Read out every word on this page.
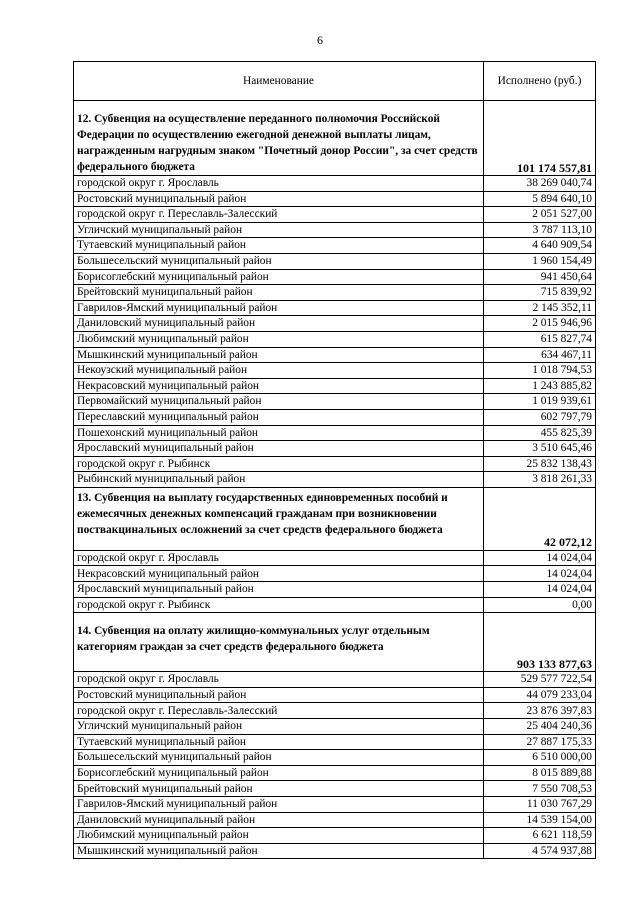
6
Наименование	Исполнено (руб.)
12. Субвенция на осуществление переданного полномочия Российской Федерации по осуществлению ежегодной денежной выплаты лицам, награжденным нагрудным знаком "Почетный донор России", за счет средств федерального бюджета	101 174 557,81
городской округ г. Ярославль	38 269 040,74
Ростовский муниципальный район	5 894 640,10
городской округ г. Переславль-Залесский	2 051 527,00
Угличский муниципальный район	3 787 113,10
Тутаевский муниципальный район	4 640 909,54
Большесельский муниципальный район	1 960 154,49
Борисоглебский муниципальный район	941 450,64
Брейтовский муниципальный район	715 839,92
Гаврилов-Ямский муниципальный район	2 145 352,11
Даниловский муниципальный район	2 015 946,96
Любимский муниципальный район	615 827,74
Мышкинский муниципальный район	634 467,11
Некоузский муниципальный район	1 018 794,53
Некрасовский муниципальный район	1 243 885,82
Первомайский муниципальный район	1 019 939,61
Переславский муниципальный район	602 797,79
Пошехонский муниципальный район	455 825,39
Ярославский муниципальный район	3 510 645,46
городской округ г. Рыбинск	25 832 138,43
Рыбинский муниципальный район	3 818 261,33
13. Субвенция на выплату государственных единовременных пособий и ежемесячных денежных компенсаций гражданам при возникновении поствакцинальных осложнений за счет средств федерального бюджета	42 072,12
городской округ г. Ярославль	14 024,04
Некрасовский муниципальный район	14 024,04
Ярославский муниципальный район	14 024,04
городской округ г. Рыбинск	0,00
14. Субвенция на оплату жилищно-коммунальных услуг отдельным категориям граждан за счет средств федерального бюджета	903 133 877,63
городской округ г. Ярославль	529 577 722,54
Ростовский муниципальный район	44 079 233,04
городской округ г. Переславль-Залесский	23 876 397,83
Угличский муниципальный район	25 404 240,36
Тутаевский муниципальный район	27 887 175,33
Большесельский муниципальный район	6 510 000,00
Борисоглебский муниципальный район	8 015 889,88
Брейтовский муниципальный район	7 550 708,53
Гаврилов-Ямский муниципальный район	11 030 767,29
Даниловский муниципальный район	14 539 154,00
Любимский муниципальный район	6 621 118,59
Мышкинский муниципальный район	4 574 937,88
